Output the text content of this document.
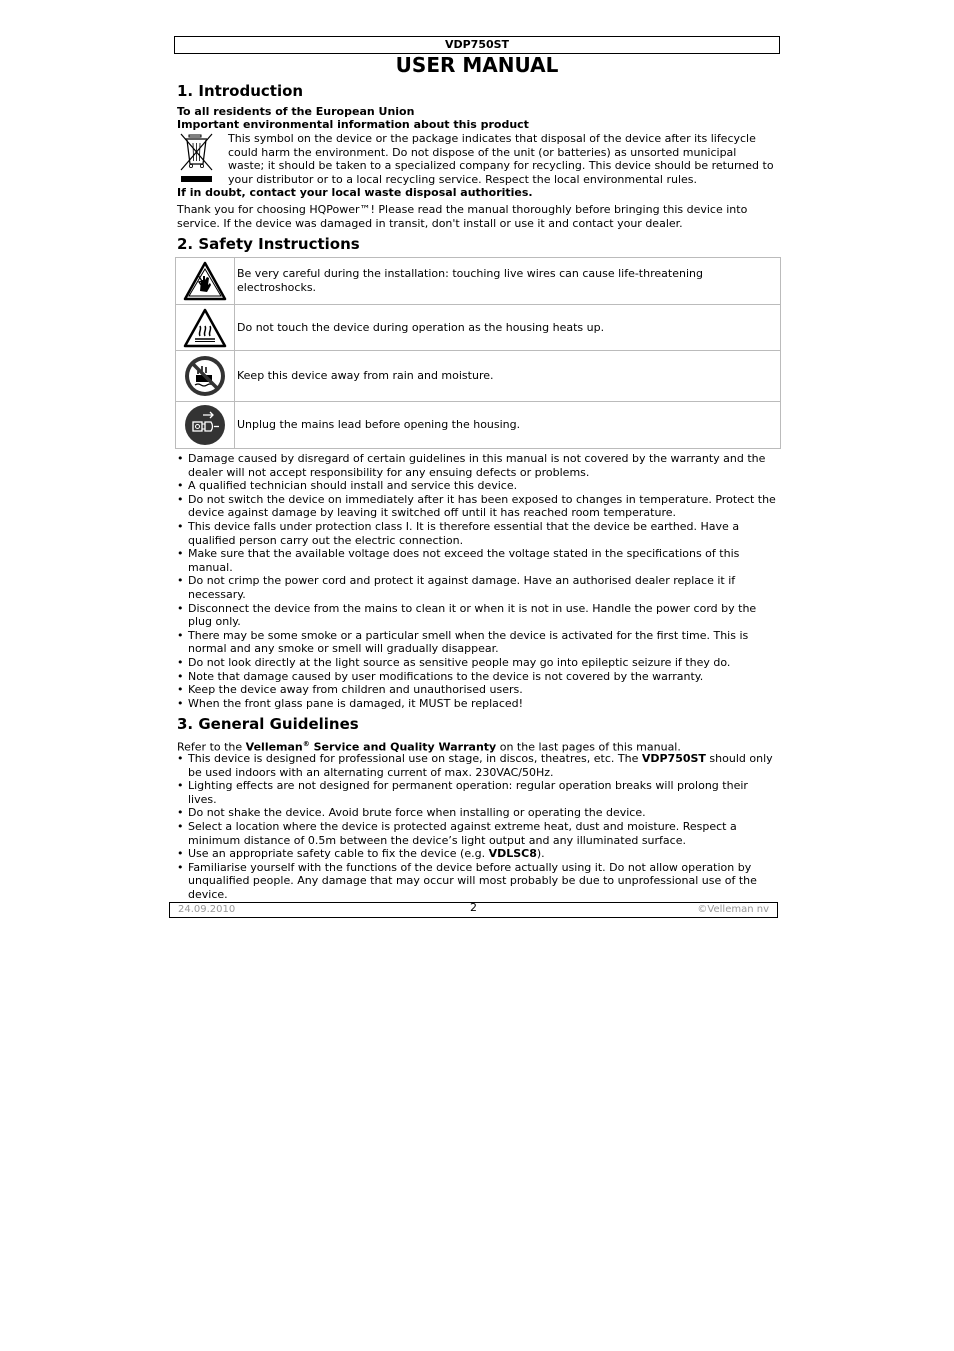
VDP750ST
USER MANUAL
1. Introduction
To all residents of the European Union
Important environmental information about this product
This symbol on the device or the package indicates that disposal of the device after its lifecycle could harm the environment. Do not dispose of the unit (or batteries) as unsorted municipal waste; it should be taken to a specialized company for recycling. This device should be returned to your distributor or to a local recycling service. Respect the local environmental rules.
If in doubt, contact your local waste disposal authorities.
Thank you for choosing HQPower™! Please read the manual thoroughly before bringing this device into service. If the device was damaged in transit, don't install or use it and contact your dealer.
2. Safety Instructions
Be very careful during the installation: touching live wires can cause life-threatening electroshocks.
Do not touch the device during operation as the housing heats up.
Keep this device away from rain and moisture.
Unplug the mains lead before opening the housing.
• Damage caused by disregard of certain guidelines in this manual is not covered by the warranty and the dealer will not accept responsibility for any ensuing defects or problems.
• A qualified technician should install and service this device.
• Do not switch the device on immediately after it has been exposed to changes in temperature. Protect the device against damage by leaving it switched off until it has reached room temperature.
• This device falls under protection class I. It is therefore essential that the device be earthed. Have a qualified person carry out the electric connection.
• Make sure that the available voltage does not exceed the voltage stated in the specifications of this manual.
• Do not crimp the power cord and protect it against damage. Have an authorised dealer replace it if necessary.
• Disconnect the device from the mains to clean it or when it is not in use. Handle the power cord by the plug only.
• There may be some smoke or a particular smell when the device is activated for the first time. This is normal and any smoke or smell will gradually disappear.
• Do not look directly at the light source as sensitive people may go into epileptic seizure if they do.
• Note that damage caused by user modifications to the device is not covered by the warranty.
• Keep the device away from children and unauthorised users.
• When the front glass pane is damaged, it MUST be replaced!
3. General Guidelines
Refer to the Velleman® Service and Quality Warranty on the last pages of this manual.
• This device is designed for professional use on stage, in discos, theatres, etc. The VDP750ST should only be used indoors with an alternating current of max. 230VAC/50Hz.
• Lighting effects are not designed for permanent operation: regular operation breaks will prolong their lives.
• Do not shake the device. Avoid brute force when installing or operating the device.
• Select a location where the device is protected against extreme heat, dust and moisture. Respect a minimum distance of 0.5m between the device’s light output and any illuminated surface.
• Use an appropriate safety cable to fix the device (e.g. VDLSC8).
• Familiarise yourself with the functions of the device before actually using it. Do not allow operation by unqualified people. Any damage that may occur will most probably be due to unprofessional use of the device.
24.09.2010	2	©Velleman nv
